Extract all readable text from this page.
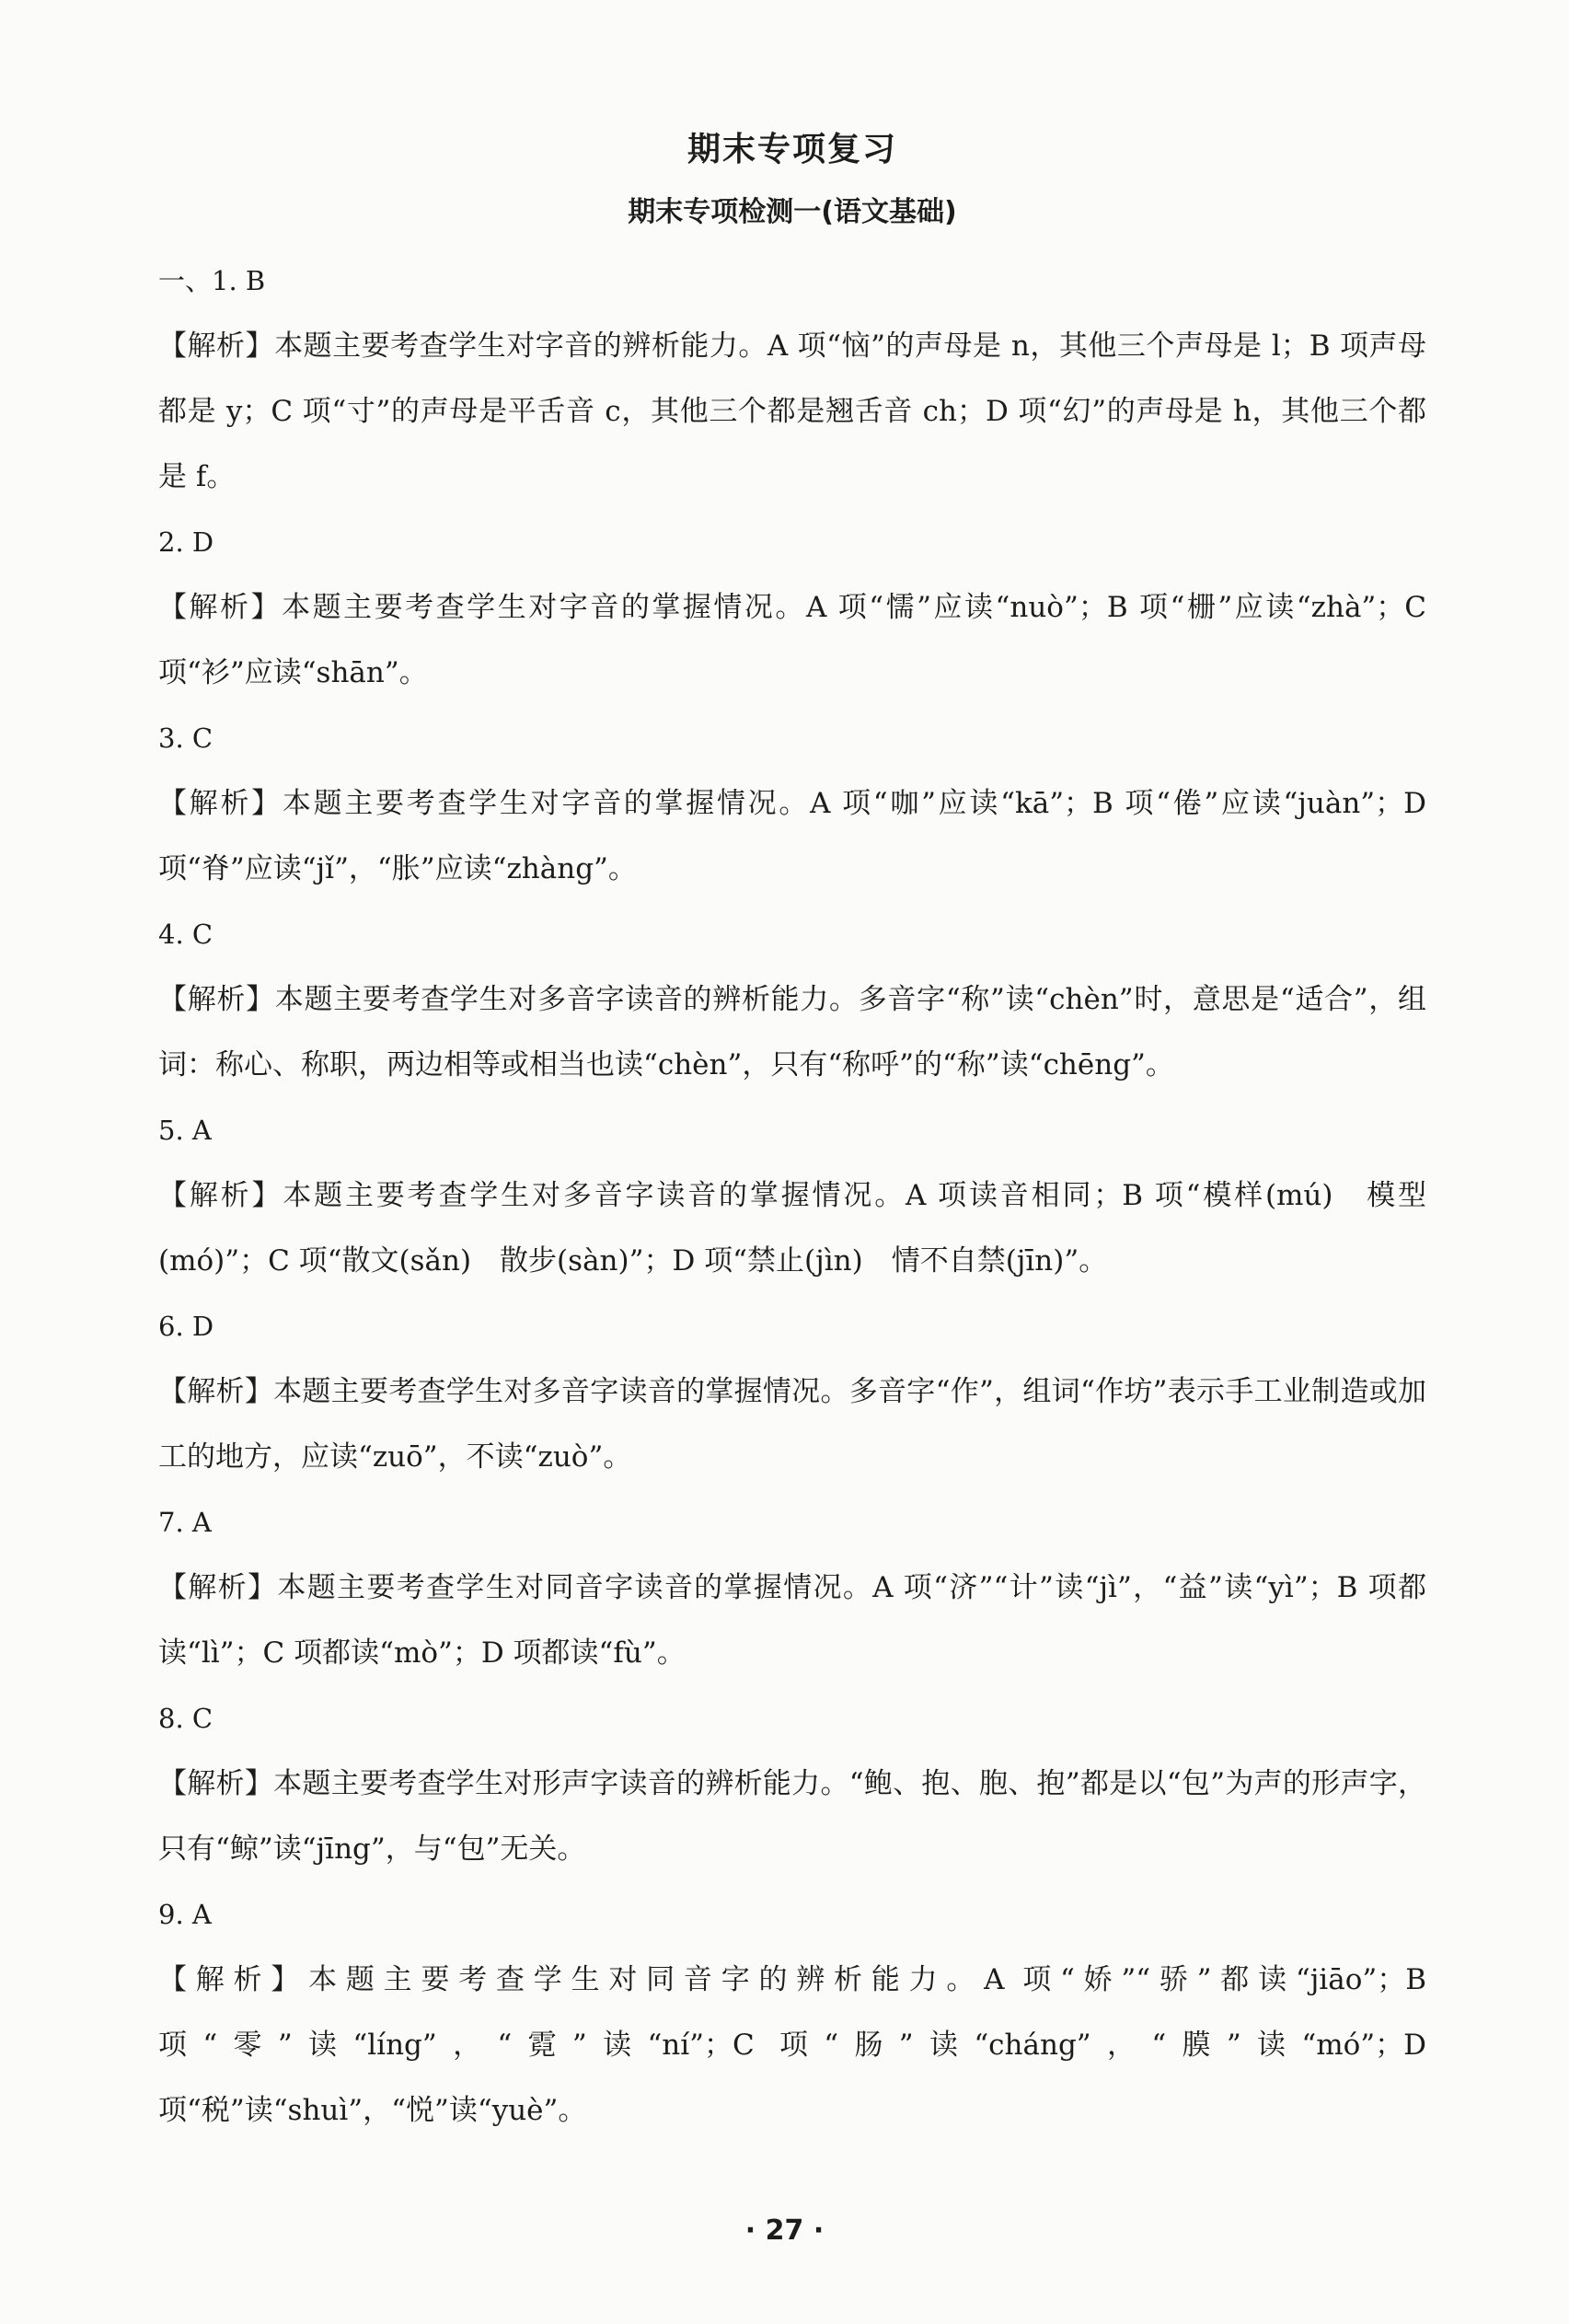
期末专项复习
期末专项检测一(语文基础)
一、1. B
【解析】本题主要考查学生对字音的辨析能力。A 项“恼”的声母是 n，其他三个声母是 l；B 项声母都是 y；C 项“寸”的声母是平舌音 c，其他三个都是翘舌音 ch；D 项“幻”的声母是 h，其他三个都是 f。
2. D
【解析】本题主要考查学生对字音的掌握情况。A 项“懦”应读“nuò”；B 项“栅”应读“zhà”；C 项“衫”应读“shān”。
3. C
【解析】本题主要考查学生对字音的掌握情况。A 项“咖”应读“kā”；B 项“倦”应读“juàn”；D 项“脊”应读“jǐ”，“胀”应读“zhàng”。
4. C
【解析】本题主要考查学生对多音字读音的辨析能力。多音字“称”读“chèn”时，意思是“适合”，组词：称心、称职，两边相等或相当也读“chèn”，只有“称呼”的“称”读“chēng”。
5. A
【解析】本题主要考查学生对多音字读音的掌握情况。A 项读音相同；B 项“模样(mú)　模型(mó)”；C 项“散文(sǎn)　散步(sàn)”；D 项“禁止(jìn)　情不自禁(jīn)”。
6. D
【解析】本题主要考查学生对多音字读音的掌握情况。多音字“作”，组词“作坊”表示手工业制造或加工的地方，应读“zuō”，不读“zuò”。
7. A
【解析】本题主要考查学生对同音字读音的掌握情况。A 项“济”“计”读“jì”，“益”读“yì”；B 项都读“lì”；C 项都读“mò”；D 项都读“fù”。
8. C
【解析】本题主要考查学生对形声字读音的辨析能力。“鲍、抱、胞、抱”都是以“包”为声的形声字，只有“鲸”读“jīng”，与“包”无关。
9. A
【解析】本题主要考查学生对同音字的辨析能力。A 项“娇”“骄”都读“jiāo”；B 项“零”读“líng”，“霓”读“ní”；C 项“肠”读“cháng”，“膜”读“mó”；D 项“税”读“shuì”，“悦”读“yuè”。
· 27 ·
